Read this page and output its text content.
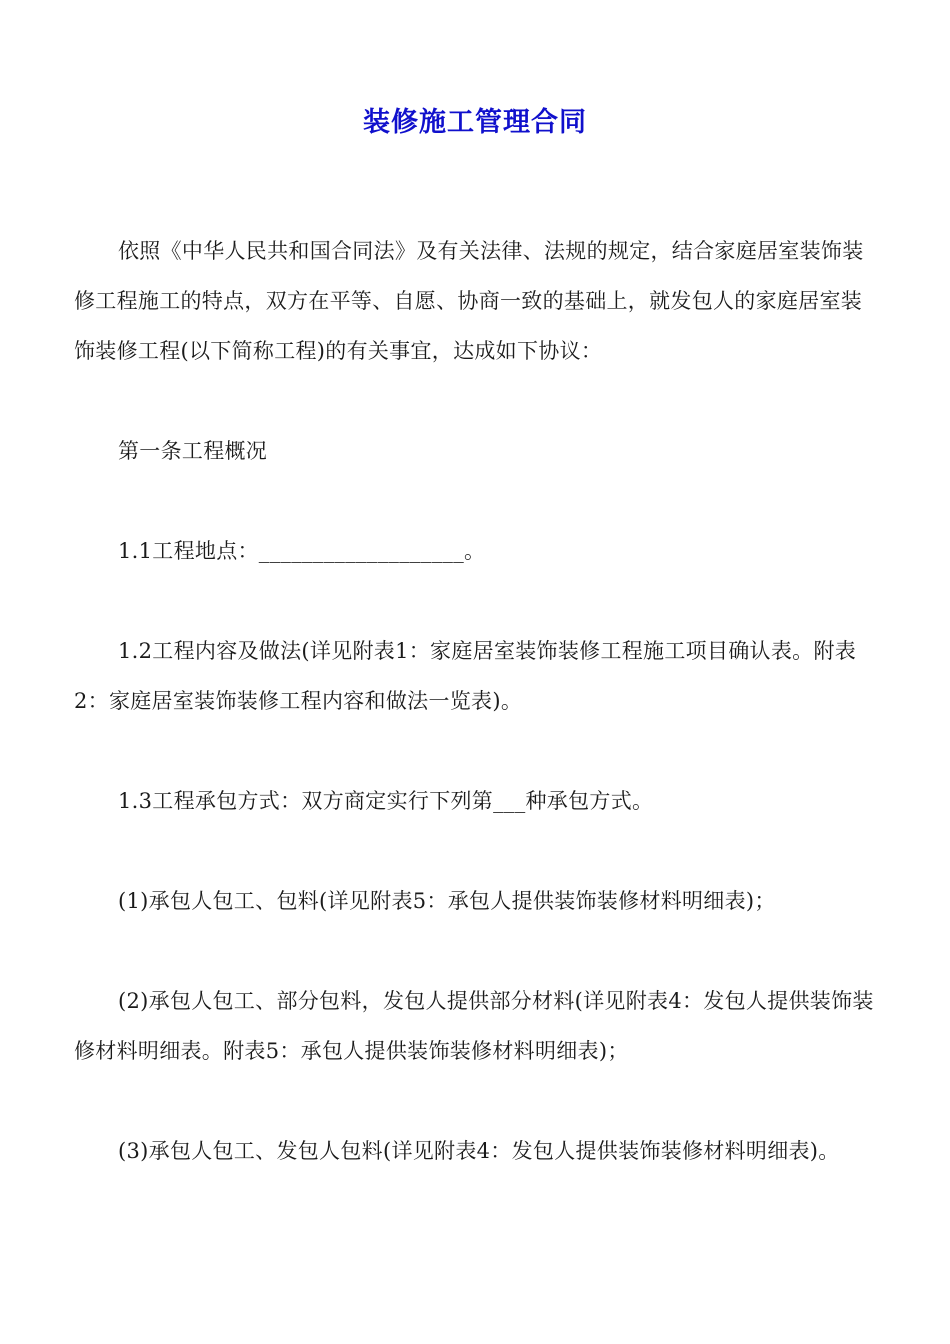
装修施工管理合同

依照《中华人民共和国合同法》及有关法律、法规的规定，结合家庭居室装饰装修工程施工的特点，双方在平等、自愿、协商一致的基础上，就发包人的家庭居室装饰装修工程(以下简称工程)的有关事宜，达成如下协议：

第一条工程概况

1.1工程地点：___________________。

1.2工程内容及做法(详见附表1：家庭居室装饰装修工程施工项目确认表。附表2：家庭居室装饰装修工程内容和做法一览表)。

1.3工程承包方式：双方商定实行下列第___种承包方式。

(1)承包人包工、包料(详见附表5：承包人提供装饰装修材料明细表)；

(2)承包人包工、部分包料，发包人提供部分材料(详见附表4：发包人提供装饰装修材料明细表。附表5：承包人提供装饰装修材料明细表)；

(3)承包人包工、发包人包料(详见附表4：发包人提供装饰装修材料明细表)。
